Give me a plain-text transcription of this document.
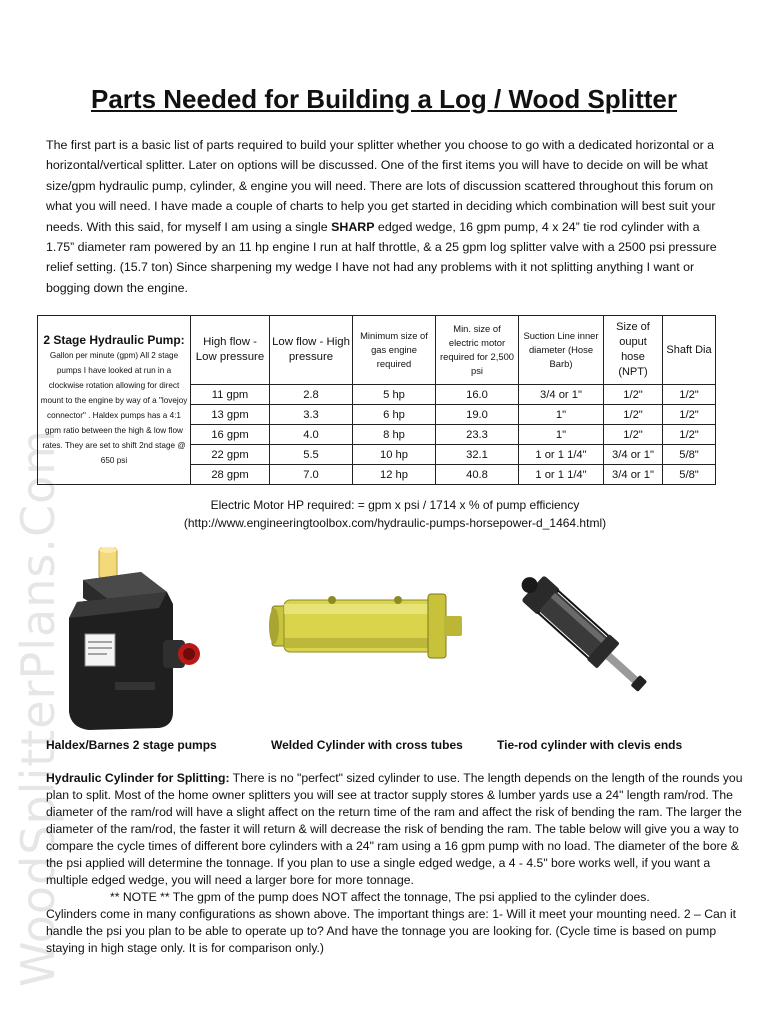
WoodSplitterPlans.Com
Parts Needed for Building a Log / Wood Splitter

The first part is a basic list of parts required to build your splitter whether you choose to go with a dedicated horizontal or a horizontal/vertical splitter. Later on options will be discussed. One of the first items you will have to decide on will be what size/gpm hydraulic pump, cylinder, & engine you will need. There are lots of discussion scattered throughout this forum on what you will need. I have made a couple of charts to help you get started in deciding which combination will best suit your needs. With this said, for myself I am using a single SHARP edged wedge, 16 gpm pump, 4 x 24” tie rod cylinder with a 1.75” diameter ram powered by an 11 hp engine I run at half throttle, & a 25 gpm log splitter valve with a 2500 psi pressure relief setting. (15.7 ton) Since sharpening my wedge I have not had any problems with it not splitting anything I want or bogging down the engine.

2 Stage Hydraulic Pump:
Gallon per minute (gpm) All 2 stage pumps I have looked at run in a clockwise rotation allowing for direct mount to the engine by way of a "lovejoy connector" . Haldex pumps has a 4:1 gpm ratio between the high & low flow rates. They are set to shift 2nd stage @ 650 psi	High flow - Low pressure	Low flow - High pressure	Minimum size of gas engine required	Min. size of electric motor required for 2,500 psi	Suction Line inner diameter (Hose Barb)	Size of ouput hose (NPT)	Shaft Dia
	11 gpm	2.8	5 hp	16.0	3/4 or 1"	1/2"	1/2"
	13 gpm	3.3	6 hp	19.0	1"	1/2"	1/2"
	16 gpm	4.0	8 hp	23.3	1"	1/2"	1/2"
	22 gpm	5.5	10 hp	32.1	1 or 1 1/4"	3/4 or 1"	5/8"
	28 gpm	7.0	12 hp	40.8	1 or 1 1/4"	3/4 or 1"	5/8"
Electric Motor HP required: = gpm x psi / 1714 x % of pump efficiency
(http://www.engineeringtoolbox.com/hydraulic-pumps-horsepower-d_1464.html)
Haldex/Barnes 2 stage pumps	Welded Cylinder with cross tubes	Tie-rod cylinder with clevis ends
Hydraulic Cylinder for Splitting: There is no "perfect" sized cylinder to use. The length depends on the length of the rounds you plan to split. Most of the home owner splitters you will see at tractor supply stores & lumber yards use a 24" length ram/rod. The diameter of the ram/rod will have a slight affect on the return time of the ram and affect the risk of bending the ram. The larger the diameter of the ram/rod, the faster it will return & will decrease the risk of bending the ram. The table below will give you a way to compare the cycle times of different bore cylinders with a 24" ram using a 16 gpm pump with no load. The diameter of the bore & the psi applied will determine the tonnage. If you plan to use a single edged wedge, a 4 - 4.5" bore works well, if you want a multiple edged wedge, you will need a larger bore for more tonnage.
** NOTE ** The gpm of the pump does NOT affect the tonnage, The psi applied to the cylinder does.
Cylinders come in many configurations as shown above. The important things are: 1- Will it meet your mounting need. 2 – Can it handle the psi you plan to be able to operate up to? And have the tonnage you are looking for. (Cycle time is based on pump staying in high stage only. It is for comparison only.)
